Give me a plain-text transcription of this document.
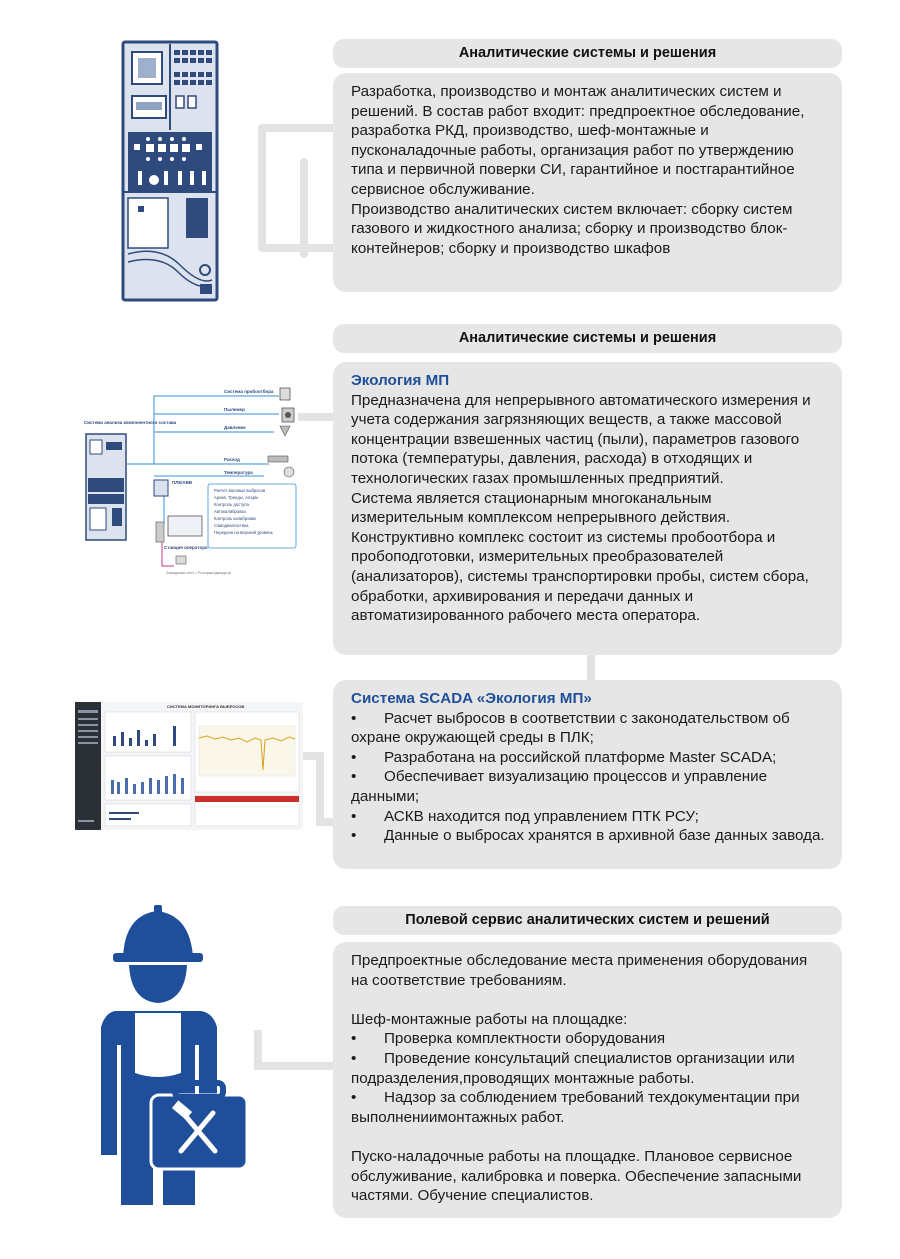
Аналитические системы и решения

Разработка, производство и монтаж аналитических систем и решений. В состав работ входит: предпроектное обследование, разработка РКД, производство, шеф-монтажные и пусконаладочные работы, организация работ по утверждению типа и первичной поверки СИ, гарантийное и постгарантийное сервисное обслуживание.

Производство аналитических систем включает: сборку систем газового и жидкостного анализа; сборку и производство блок-контейнеров; сборку и производство шкафов

Система анализа компонентного состава
Система пробоотбора
Пылемер
Давление
Расход
Температура
ПЛК/АВВ
Расчет валовых выбросов Архив, Тренды, Аларм Контроль доступа Автокалибровка Контроль калибровки Самодиагностика Передача на верхний уровень
Станция оператора
Заводская сеть / Росприроднадзор
Аналитические системы и решения

Экология МП

Предназначена для непрерывного автоматического измерения и учета содержания загрязняющих веществ, а также массовой концентрации взвешенных частиц (пыли), параметров газового потока (температуры, давления, расхода) в отходящих и технологических газах промышленных предприятий.

Система является стационарным многоканальным измерительным комплексом непрерывного действия. Конструктивно комплекс состоит из системы пробоотбора и пробоподготовки, измерительных преобразователей (анализаторов), системы транспортировки пробы, систем сбора, обработки, архивирования и передачи данных и автоматизированного рабочего места оператора.

СИСТЕМА МОНИТОРИНГА ВЫБРОСОВ	Система SCADA «Экология МП»

• Расчет выбросов в соответствии с законодательством об охране окружающей среды в ПЛК;
• Разработана на российской платформе Master SCADA;
• Обеспечивает визуализацию процессов и управление данными;
• АСКВ находится под управлением ПТК РСУ;
• Данные о выбросах хранятся в архивной базе данных завода.
Полевой сервис аналитических систем и решений

Предпроектные обследование места применения оборудования на соответствие требованиям.

Шеф-монтажные работы на площадке:

• Проверка комплектности оборудования
• Проведение консультаций специалистов организации или подразделения,проводящих монтажные работы.
• Надзор за соблюдением требований техдокументации при выполнениимонтажных работ.

Пуско-наладочные работы на площадке. Плановое сервисное обслуживание, калибровка и поверка. Обеспечение запасными частями. Обучение специалистов.
